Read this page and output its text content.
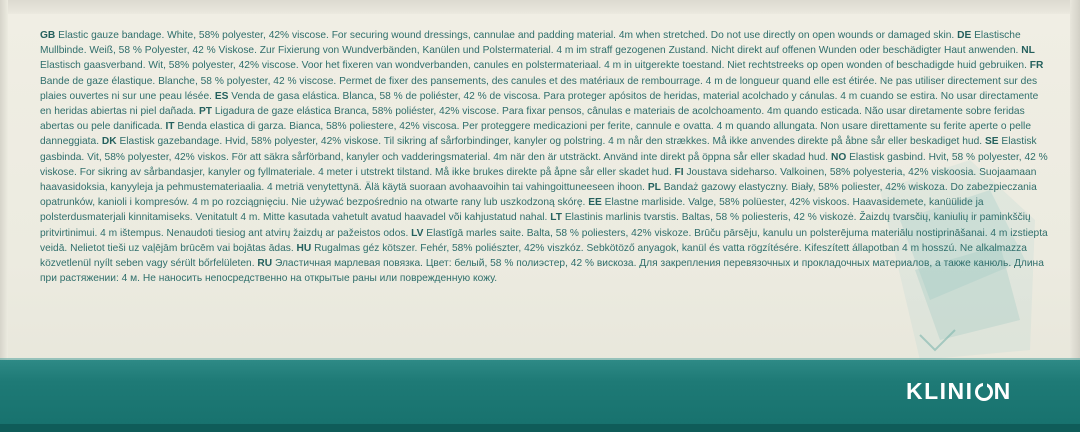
GB Elastic gauze bandage. White, 58% polyester, 42% viscose. For securing wound dressings, cannulae and padding material. 4m when stretched. Do not use directly on open wounds or damaged skin. DE Elastische Mullbinde. Weiß, 58 % Polyester, 42 % Viskose. Zur Fixierung von Wundverbänden, Kanülen und Polstermaterial. 4 m im straff gezogenen Zustand. Nicht direkt auf offenen Wunden oder beschädigter Haut anwenden. NL Elastisch gaasverband. Wit, 58% polyester, 42% viscose. Voor het fixeren van wondverbanden, canules en polstermateriaal. 4 m in uitgerekte toestand. Niet rechtstreeks op open wonden of beschadigde huid gebruiken. FR Bande de gaze élastique. Blanche, 58 % polyester, 42 % viscose. Permet de fixer des pansements, des canules et des matériaux de rembourrage. 4 m de longueur quand elle est étirée. Ne pas utiliser directement sur des plaies ouvertes ni sur une peau lésée. ES Venda de gasa elástica. Blanca, 58 % de poliéster, 42 % de viscosa. Para proteger apósitos de heridas, material acolchado y cánulas. 4 m cuando se estira. No usar directamente en heridas abiertas ni piel dañada. PT Ligadura de gaze elástica Branca, 58% poliéster, 42% viscose. Para fixar pensos, cânulas e materiais de acolchoamento. 4m quando esticada. Não usar diretamente sobre feridas abertas ou pele danificada. IT Benda elastica di garza. Bianca, 58% poliestere, 42% viscosa. Per proteggere medicazioni per ferite, cannule e ovatta. 4 m quando allungata. Non usare direttamente su ferite aperte o pelle danneggiata. DK Elastisk gazebandage. Hvid, 58% polyester, 42% viskose. Til sikring af sårforbindinger, kanyler og polstring. 4 m når den strækkes. Må ikke anvendes direkte på åbne sår eller beskadiget hud. SE Elastisk gasbinda. Vit, 58% polyester, 42% viskos. För att säkra sårförband, kanyler och vadderingsmaterial. 4m när den är utsträckt. Använd inte direkt på öppna sår eller skadad hud. NO Elastisk gasbind. Hvit, 58 % polyester, 42 % viskose. For sikring av sårbandasjer, kanyler og fyllmateriale. 4 meter i utstrekt tilstand. Må ikke brukes direkte på åpne sår eller skadet hud. FI Joustava sideharso. Valkoinen, 58% polyesteria, 42% viskoosia. Suojaamaan haavasidoksia, kanyyleja ja pehmustemateriaalia. 4 metriä venytettynä. Älä käytä suoraan avohaavoihin tai vahingoittuneeseen ihoon. PL Bandaż gazowy elastyczny. Biały, 58% poliester, 42% wiskoza. Do zabezpieczania opatrunków, kanioli i kompresów. 4 m po rozciągnięciu. Nie używać bezpośrednio na otwarte rany lub uszkodzoną skórę. EE Elastne marliside. Valge, 58% polüester, 42% viskoos. Haavasidemete, kanüülide ja polsterdusmaterjali kinnitamiseks. Venitatult 4 m. Mitte kasutada vahetult avatud haavadel või kahjustatud nahal. LT Elastinis marlinis tvarstis. Baltas, 58 % poliesteris, 42 % viskozė. Žaizdų tvarsčių, kaniulių ir paminkščių pritvirtinimui. 4 m ištempus. Nenaudoti tiesiog ant atvirų žaizdų ar pažeistos odos. LV Elastīgā marles saite. Balta, 58 % poliesters, 42% viskoze. Brūču pārsēju, kanulu un polsterējuma materiālu nostiprināšanai. 4 m izstiepta veidā. Nelietot tieši uz vaļējām brūcēm vai bojātas ādas. HU Rugalmas géz kötszer. Fehér, 58% poliészter, 42% viszkóz. Sebkötöző anyagok, kanül és vatta rögzítésére. Kifeszített állapotban 4 m hosszú. Ne alkalmazza közvetlenül nyílt seben vagy sérült bőrfelületen. RU Эластичная марлевая повязка. Цвет: белый, 58 % полиэстер, 42 % вискоза. Для закрепления перевязочных и прокладочных материалов, а также канюль. Длина при растяжении: 4 м. Не наносить непосредственно на открытые раны или поврежденную кожу.
KLINI N
